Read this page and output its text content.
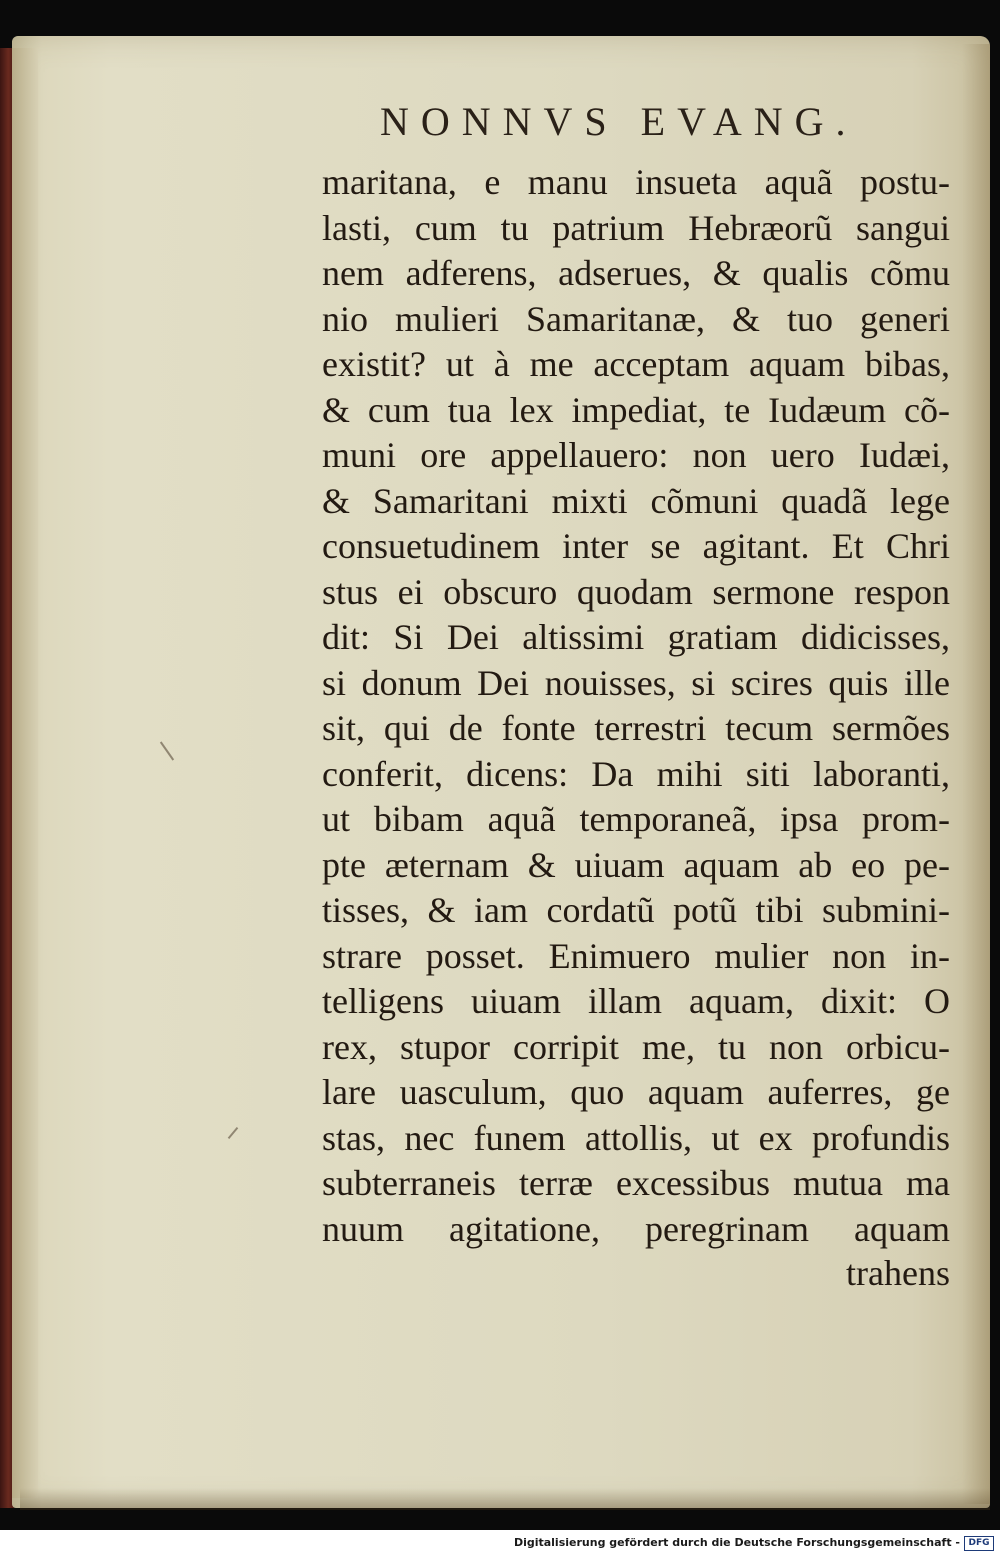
NONNVS EVANG.
maritana, e manu insueta aquã postu-
lasti, cum tu patrium Hebræorũ sangui
nem adferens, adserues, & qualis cõmu
nio mulieri Samaritanæ, & tuo generi
existit? ut à me acceptam aquam bibas,
& cum tua lex impediat, te Iudæum cõ-
muni ore appellauero: non uero Iudæi,
& Samaritani mixti cõmuni quadã lege
consuetudinem inter se agitant. Et Chri
stus ei obscuro quodam sermone respon
dit: Si Dei altissimi gratiam didicisses,
si donum Dei nouisses, si scires quis ille
sit, qui de fonte terrestri tecum sermões
conferit, dicens: Da mihi siti laboranti,
ut bibam aquã temporaneã, ipsa prom-
pte æternam & uiuam aquam ab eo pe-
tisses, & iam cordatũ potũ tibi submini-
strare posset. Enimuero mulier non in-
telligens uiuam illam aquam, dixit: O
rex, stupor corripit me, tu non orbicu-
lare uasculum, quo aquam auferres, ge
stas, nec funem attollis, ut ex profundis
subterraneis terræ excessibus mutua ma
nuum agitatione, peregrinam aquam
trahens
Digitalisierung gefördert durch die Deutsche Forschungsgemeinschaft - DFG
